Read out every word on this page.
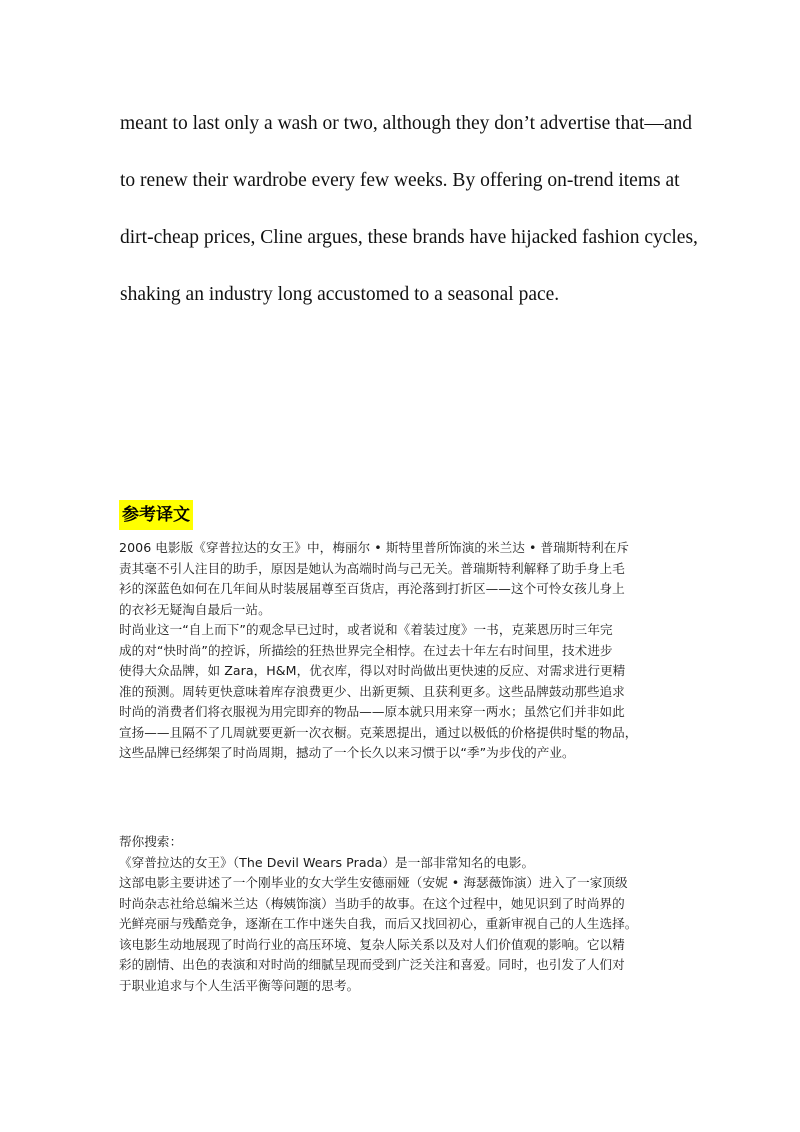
meant to last only a wash or two, although they don’t advertise that—and
to renew their wardrobe every few weeks. By offering on-trend items at
dirt-cheap prices, Cline argues, these brands have hijacked fashion cycles,
shaking an industry long accustomed to a seasonal pace.
参考译文
2006 电影版《穿普拉达的女王》中，梅丽尔 • 斯特里普所饰演的米兰达 • 普瑞斯特利在斥
责其毫不引人注目的助手，原因是她认为高端时尚与己无关。普瑞斯特利解释了助手身上毛
衫的深蓝色如何在几年间从时装展届尊至百货店，再沦落到打折区——这个可怜女孩儿身上
的衣衫无疑淘自最后一站。
时尚业这一“自上而下”的观念早已过时，或者说和《着装过度》一书，克莱恩历时三年完
成的对“快时尚”的控诉，所描绘的狂热世界完全相悖。在过去十年左右时间里，技术进步
使得大众品牌，如 Zara，H&M，优衣库，得以对时尚做出更快速的反应、对需求进行更精
准的预测。周转更快意味着库存浪费更少、出新更频、且获利更多。这些品牌鼓动那些追求
时尚的消费者们将衣服视为用完即弃的物品——原本就只用来穿一两水；虽然它们并非如此
宣扬——且隔不了几周就要更新一次衣橱。克莱恩提出，通过以极低的价格提供时髦的物品，
这些品牌已经绑架了时尚周期，撼动了一个长久以来习惯于以“季”为步伐的产业。
帮你搜索：
《穿普拉达的女王》（The Devil Wears Prada）是一部非常知名的电影。
这部电影主要讲述了一个刚毕业的女大学生安德丽娅（安妮 • 海瑟薇饰演）进入了一家顶级
时尚杂志社给总编米兰达（梅姨饰演）当助手的故事。在这个过程中，她见识到了时尚界的
光鲜亮丽与残酷竞争，逐渐在工作中迷失自我，而后又找回初心，重新审视自己的人生选择。
该电影生动地展现了时尚行业的高压环境、复杂人际关系以及对人们价值观的影响。它以精
彩的剧情、出色的表演和对时尚的细腻呈现而受到广泛关注和喜爱。同时，也引发了人们对
于职业追求与个人生活平衡等问题的思考。
